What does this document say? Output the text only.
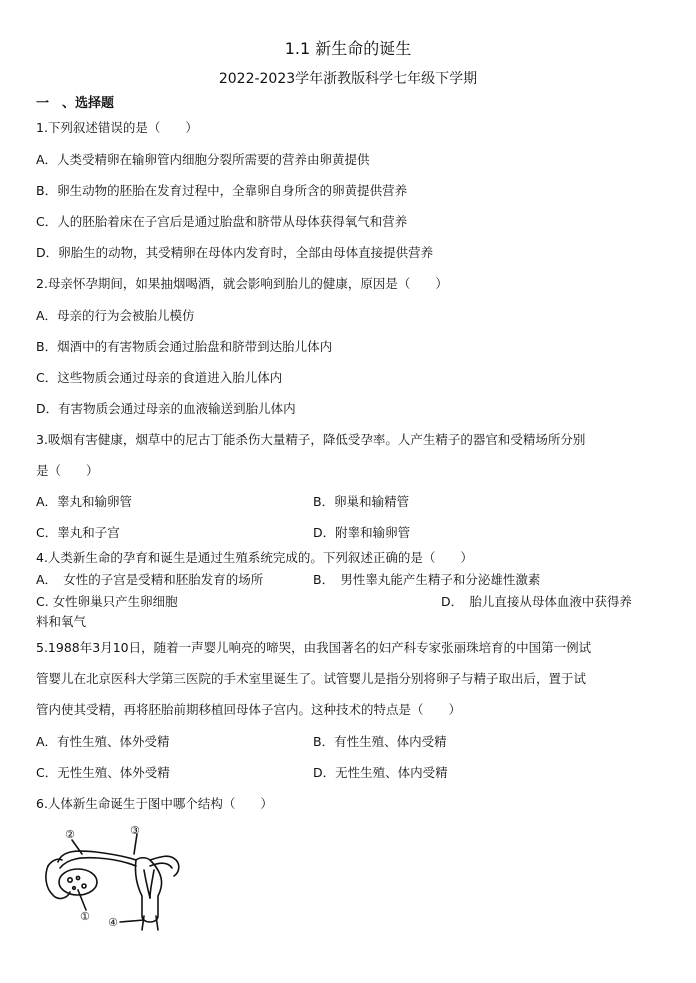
1.1 新生命的诞生
2022-2023学年浙教版科学七年级下学期
一　、选择题
1.下列叙述错误的是（　　）
A．人类受精卵在输卵管内细胞分裂所需要的营养由卵黄提供
B．卵生动物的胚胎在发育过程中，全靠卵自身所含的卵黄提供营养
C．人的胚胎着床在子宫后是通过胎盘和脐带从母体获得氧气和营养
D．卵胎生的动物，其受精卵在母体内发育时，全部由母体直接提供营养
2.母亲怀孕期间，如果抽烟喝酒，就会影响到胎儿的健康，原因是（　　）
A．母亲的行为会被胎儿模仿
B．烟酒中的有害物质会通过胎盘和脐带到达胎儿体内
C．这些物质会通过母亲的食道进入胎儿体内
D．有害物质会通过母亲的血液输送到胎儿体内
3.吸烟有害健康，烟草中的尼古丁能杀伤大量精子，降低受孕率。人产生精子的器官和受精场所分别
是（　　）
A．睾丸和输卵管	B．卵巢和输精管
C．睾丸和子宫	D．附睾和输卵管
4.人类新生命的孕育和诞生是通过生殖系统完成的。下列叙述正确的是（　　）
A．　女性的子宫是受精和胚胎发育的场所	B．　男性睾丸能产生精子和分泌雄性激素
C. 女性卵巢只产生卵细胞	D．　胎儿直接从母体血液中获得养
料和氧气
5.1988年3月10日，随着一声婴儿响亮的啼哭，由我国著名的妇产科专家张丽珠培育的中国第一例试
管婴儿在北京医科大学第三医院的手术室里诞生了。试管婴儿是指分别将卵子与精子取出后，置于试
管内使其受精，再将胚胎前期移植回母体子宫内。这种技术的特点是（　　）
A．有性生殖、体外受精	B．有性生殖、体内受精
C．无性生殖、体外受精	D．无性生殖、体内受精
6.人体新生命诞生于图中哪个结构（　　）
②	③
① ④
